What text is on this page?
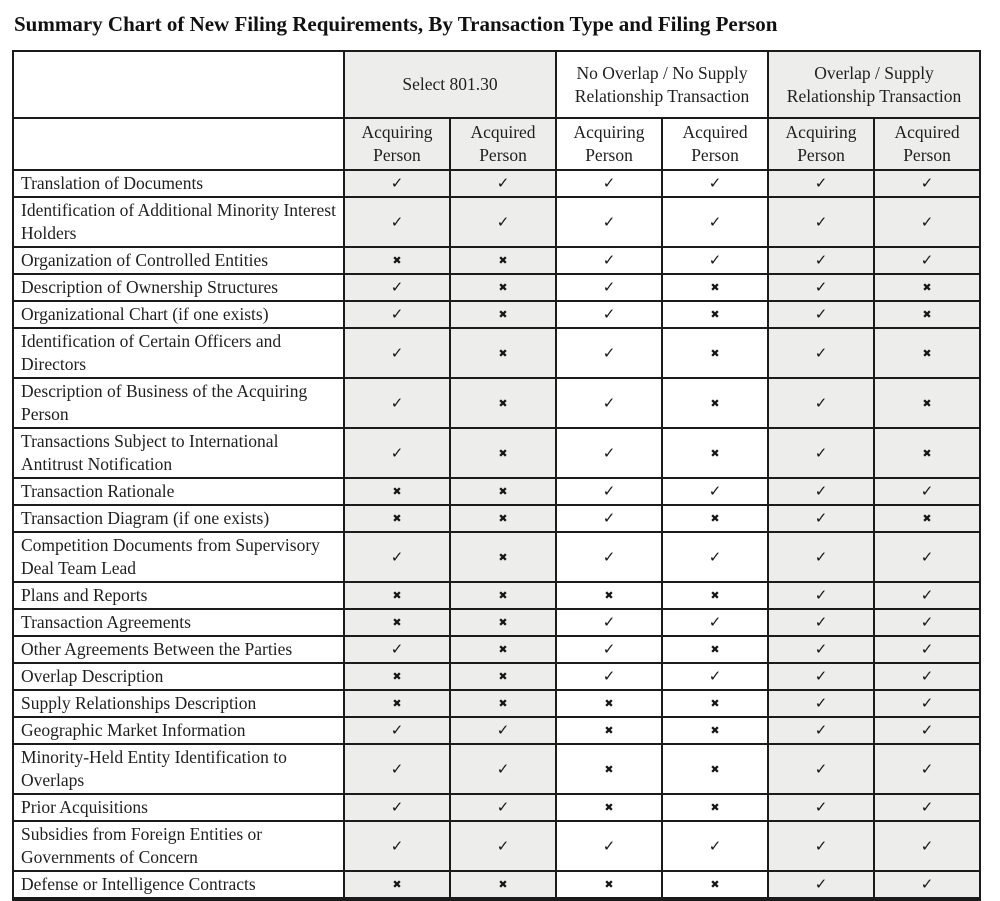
Summary Chart of New Filing Requirements, By Transaction Type and Filing Person
	Select 801.30		No Overlap / No Supply Relationship Transaction		Overlap / Supply Relationship Transaction	
	Acquiring Person	Acquired Person	Acquiring Person	Acquired Person	Acquiring Person	Acquired Person
Translation of Documents	✓	✓	✓	✓	✓	✓
Identification of Additional Minority Interest Holders	✓	✓	✓	✓	✓	✓
Organization of Controlled Entities	✖	✖	✓	✓	✓	✓
Description of Ownership Structures	✓	✖	✓	✖	✓	✖
Organizational Chart (if one exists)	✓	✖	✓	✖	✓	✖
Identification of Certain Officers and Directors	✓	✖	✓	✖	✓	✖
Description of Business of the Acquiring Person	✓	✖	✓	✖	✓	✖
Transactions Subject to International Antitrust Notification	✓	✖	✓	✖	✓	✖
Transaction Rationale	✖	✖	✓	✓	✓	✓
Transaction Diagram (if one exists)	✖	✖	✓	✖	✓	✖
Competition Documents from Supervisory Deal Team Lead	✓	✖	✓	✓	✓	✓
Plans and Reports	✖	✖	✖	✖	✓	✓
Transaction Agreements	✖	✖	✓	✓	✓	✓
Other Agreements Between the Parties	✓	✖	✓	✖	✓	✓
Overlap Description	✖	✖	✓	✓	✓	✓
Supply Relationships Description	✖	✖	✖	✖	✓	✓
Geographic Market Information	✓	✓	✖	✖	✓	✓
Minority-Held Entity Identification to Overlaps	✓	✓	✖	✖	✓	✓
Prior Acquisitions	✓	✓	✖	✖	✓	✓
Subsidies from Foreign Entities or Governments of Concern	✓	✓	✓	✓	✓	✓
Defense or Intelligence Contracts	✖	✖	✖	✖	✓	✓
